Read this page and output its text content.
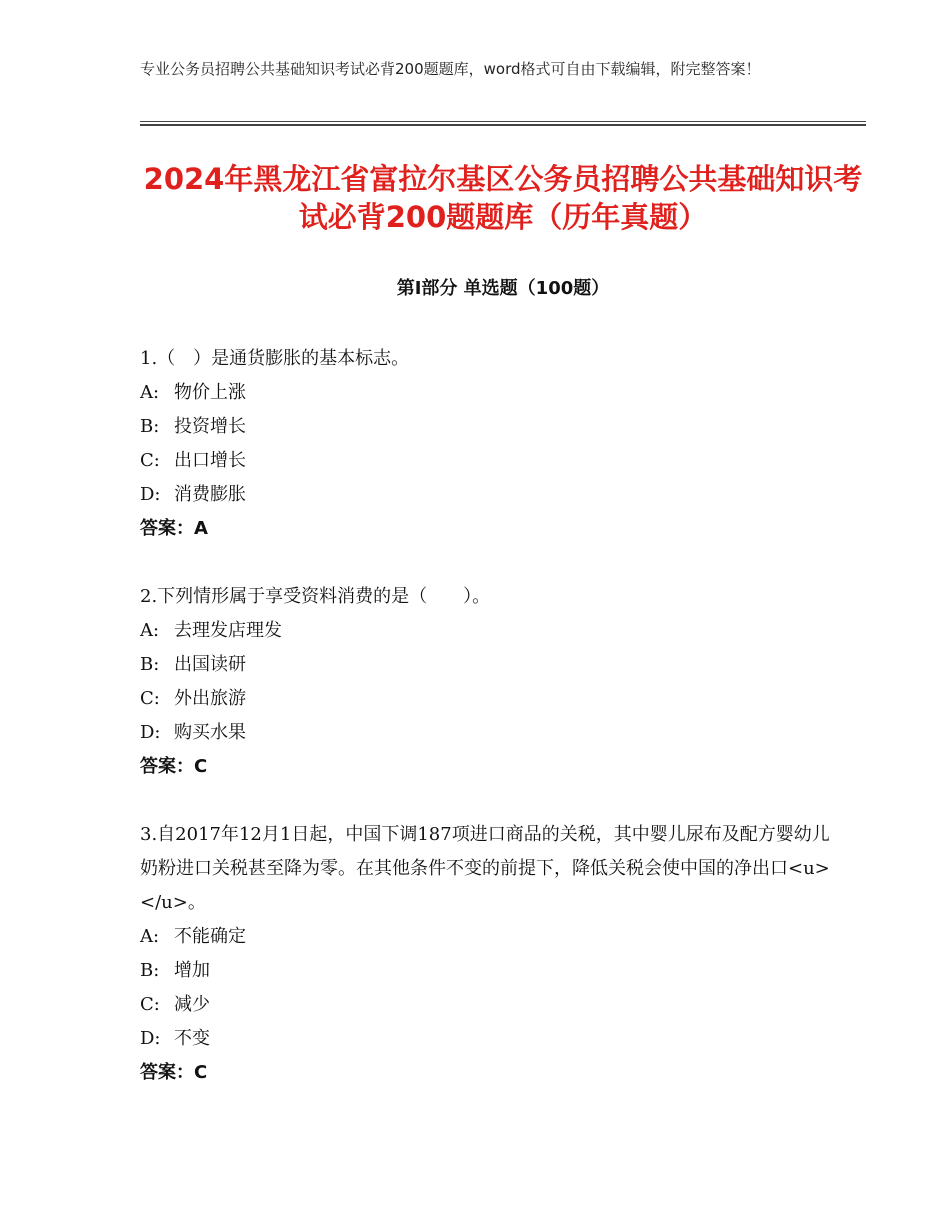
专业公务员招聘公共基础知识考试必背200题题库，word格式可自由下载编辑，附完整答案！
2024年黑龙江省富拉尔基区公务员招聘公共基础知识考试必背200题题库（历年真题）
第Ⅰ部分 单选题（100题）

1.（　）是通货膨胀的基本标志。

A: 物价上涨

B: 投资增长

C: 出口增长

D: 消费膨胀

答案：A

2.下列情形属于享受资料消费的是（　　）。

A: 去理发店理发

B: 出国读研

C: 外出旅游

D: 购买水果

答案：C

3.自2017年12月1日起，中国下调187项进口商品的关税，其中婴儿尿布及配方婴幼儿奶粉进口关税甚至降为零。在其他条件不变的前提下，降低关税会使中国的净出口<u>　　　</u>。

A: 不能确定

B: 增加

C: 减少

D: 不变

答案：C
